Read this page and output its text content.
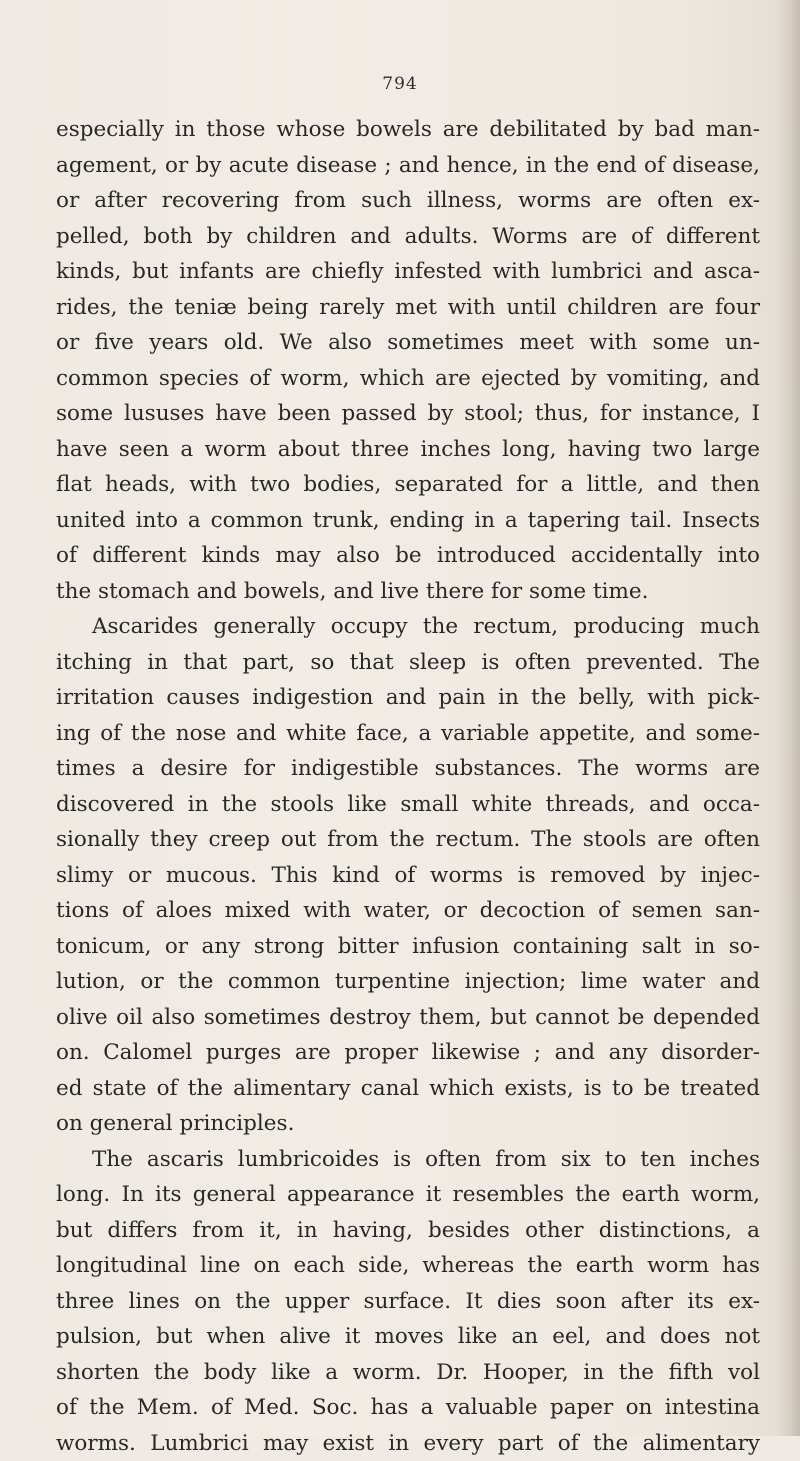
794
especially in those whose bowels are debilitated by bad man-
agement, or by acute disease ; and hence, in the end of disease,
or after recovering from such illness, worms are often ex-
pelled, both by children and adults. Worms are of different
kinds, but infants are chiefly infested with lumbrici and asca-
rides, the teniæ being rarely met with until children are four
or five years old. We also sometimes meet with some un-
common species of worm, which are ejected by vomiting, and
some lususes have been passed by stool; thus, for instance, I
have seen a worm about three inches long, having two large
flat heads, with two bodies, separated for a little, and then
united into a common trunk, ending in a tapering tail. Insects
of different kinds may also be introduced accidentally into
the stomach and bowels, and live there for some time.
Ascarides generally occupy the rectum, producing much
itching in that part, so that sleep is often prevented. The
irritation causes indigestion and pain in the belly, with pick-
ing of the nose and white face, a variable appetite, and some-
times a desire for indigestible substances. The worms are
discovered in the stools like small white threads, and occa-
sionally they creep out from the rectum. The stools are often
slimy or mucous. This kind of worms is removed by injec-
tions of aloes mixed with water, or decoction of semen san-
tonicum, or any strong bitter infusion containing salt in so-
lution, or the common turpentine injection; lime water and
olive oil also sometimes destroy them, but cannot be depended
on. Calomel purges are proper likewise ; and any disorder-
ed state of the alimentary canal which exists, is to be treated
on general principles.
The ascaris lumbricoides is often from six to ten inches
long. In its general appearance it resembles the earth worm,
but differs from it, in having, besides other distinctions, a
longitudinal line on each side, whereas the earth worm has
three lines on the upper surface. It dies soon after its ex-
pulsion, but when alive it moves like an eel, and does not
shorten the body like a worm. Dr. Hooper, in the fifth vol
of the Mem. of Med. Soc. has a valuable paper on intestina
worms. Lumbrici may exist in every part of the alimentary
